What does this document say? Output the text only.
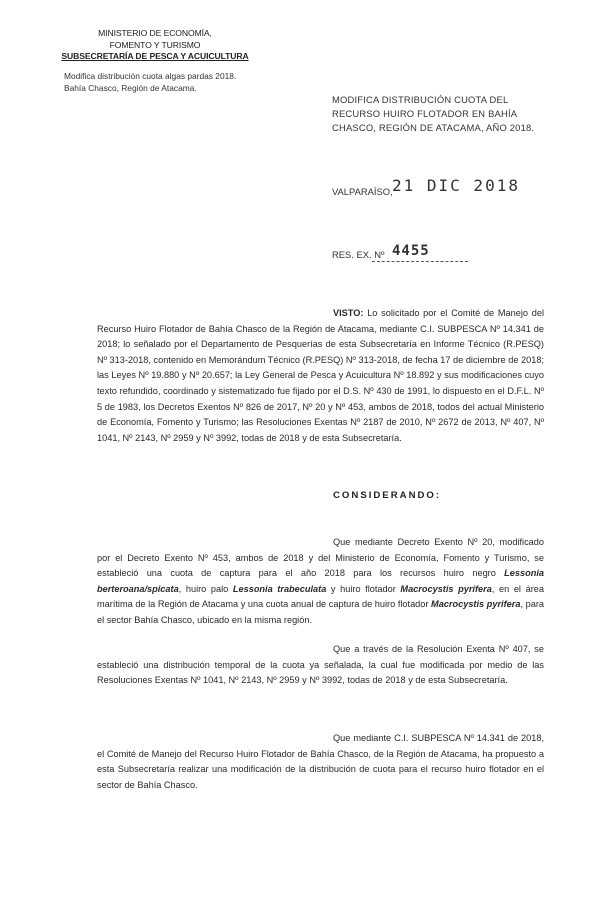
MINISTERIO DE ECONOMÍA,
FOMENTO Y TURISMO
SUBSECRETARÍA DE PESCA Y ACUICULTURA
Modifica distribución cuota algas pardas 2018.
Bahía Chasco, Región de Atacama.
MODIFICA DISTRIBUCIÓN CUOTA DEL RECURSO HUIRO FLOTADOR EN BAHÍA CHASCO, REGIÓN DE ATACAMA, AÑO 2018.
VALPARAÍSO, 21 DIC 2018
RES. EX. Nº 4455
VISTO: Lo solicitado por el Comité de Manejo del Recurso Huiro Flotador de Bahía Chasco de la Región de Atacama, mediante C.I. SUBPESCA Nº 14.341 de 2018; lo señalado por el Departamento de Pesquerías de esta Subsecretaría en Informe Técnico (R.PESQ) Nº 313-2018, contenido en Memorándum Técnico (R.PESQ) Nº 313-2018, de fecha 17 de diciembre de 2018; las Leyes Nº 19.880 y Nº 20.657; la Ley General de Pesca y Acuicultura Nº 18.892 y sus modificaciones cuyo texto refundido, coordinado y sistematizado fue fijado por el D.S. Nº 430 de 1991, lo dispuesto en el D.F.L. Nº 5 de 1983, los Decretos Exentos Nº 826 de 2017, Nº 20 y Nº 453, ambos de 2018, todos del actual Ministerio de Economía, Fomento y Turismo; las Resoluciones Exentas Nº 2187 de 2010, Nº 2672 de 2013, Nº 407, Nº 1041, Nº 2143, Nº 2959 y Nº 3992, todas de 2018 y de esta Subsecretaría.
CONSIDERANDO:
Que mediante Decreto Exento Nº 20, modificado por el Decreto Exento Nº 453, ambos de 2018 y del Ministerio de Economía, Fomento y Turismo, se estableció una cuota de captura para el año 2018 para los recursos huiro negro Lessonia berteroana/spicata, huiro palo Lessonia trabeculata y huiro flotador Macrocystis pyrifera, en el área marítima de la Región de Atacama y una cuota anual de captura de huiro flotador Macrocystis pyrifera, para el sector Bahía Chasco, ubicado en la misma región.
Que a través de la Resolución Exenta Nº 407, se estableció una distribución temporal de la cuota ya señalada, la cual fue modificada por medio de las Resoluciones Exentas Nº 1041, Nº 2143, Nº 2959 y Nº 3992, todas de 2018 y de esta Subsecretaría.
Que mediante C.I. SUBPESCA Nº 14.341 de 2018, el Comité de Manejo del Recurso Huiro Flotador de Bahía Chasco, de la Región de Atacama, ha propuesto a esta Subsecretaría realizar una modificación de la distribución de cuota para el recurso huiro flotador en el sector de Bahía Chasco.
